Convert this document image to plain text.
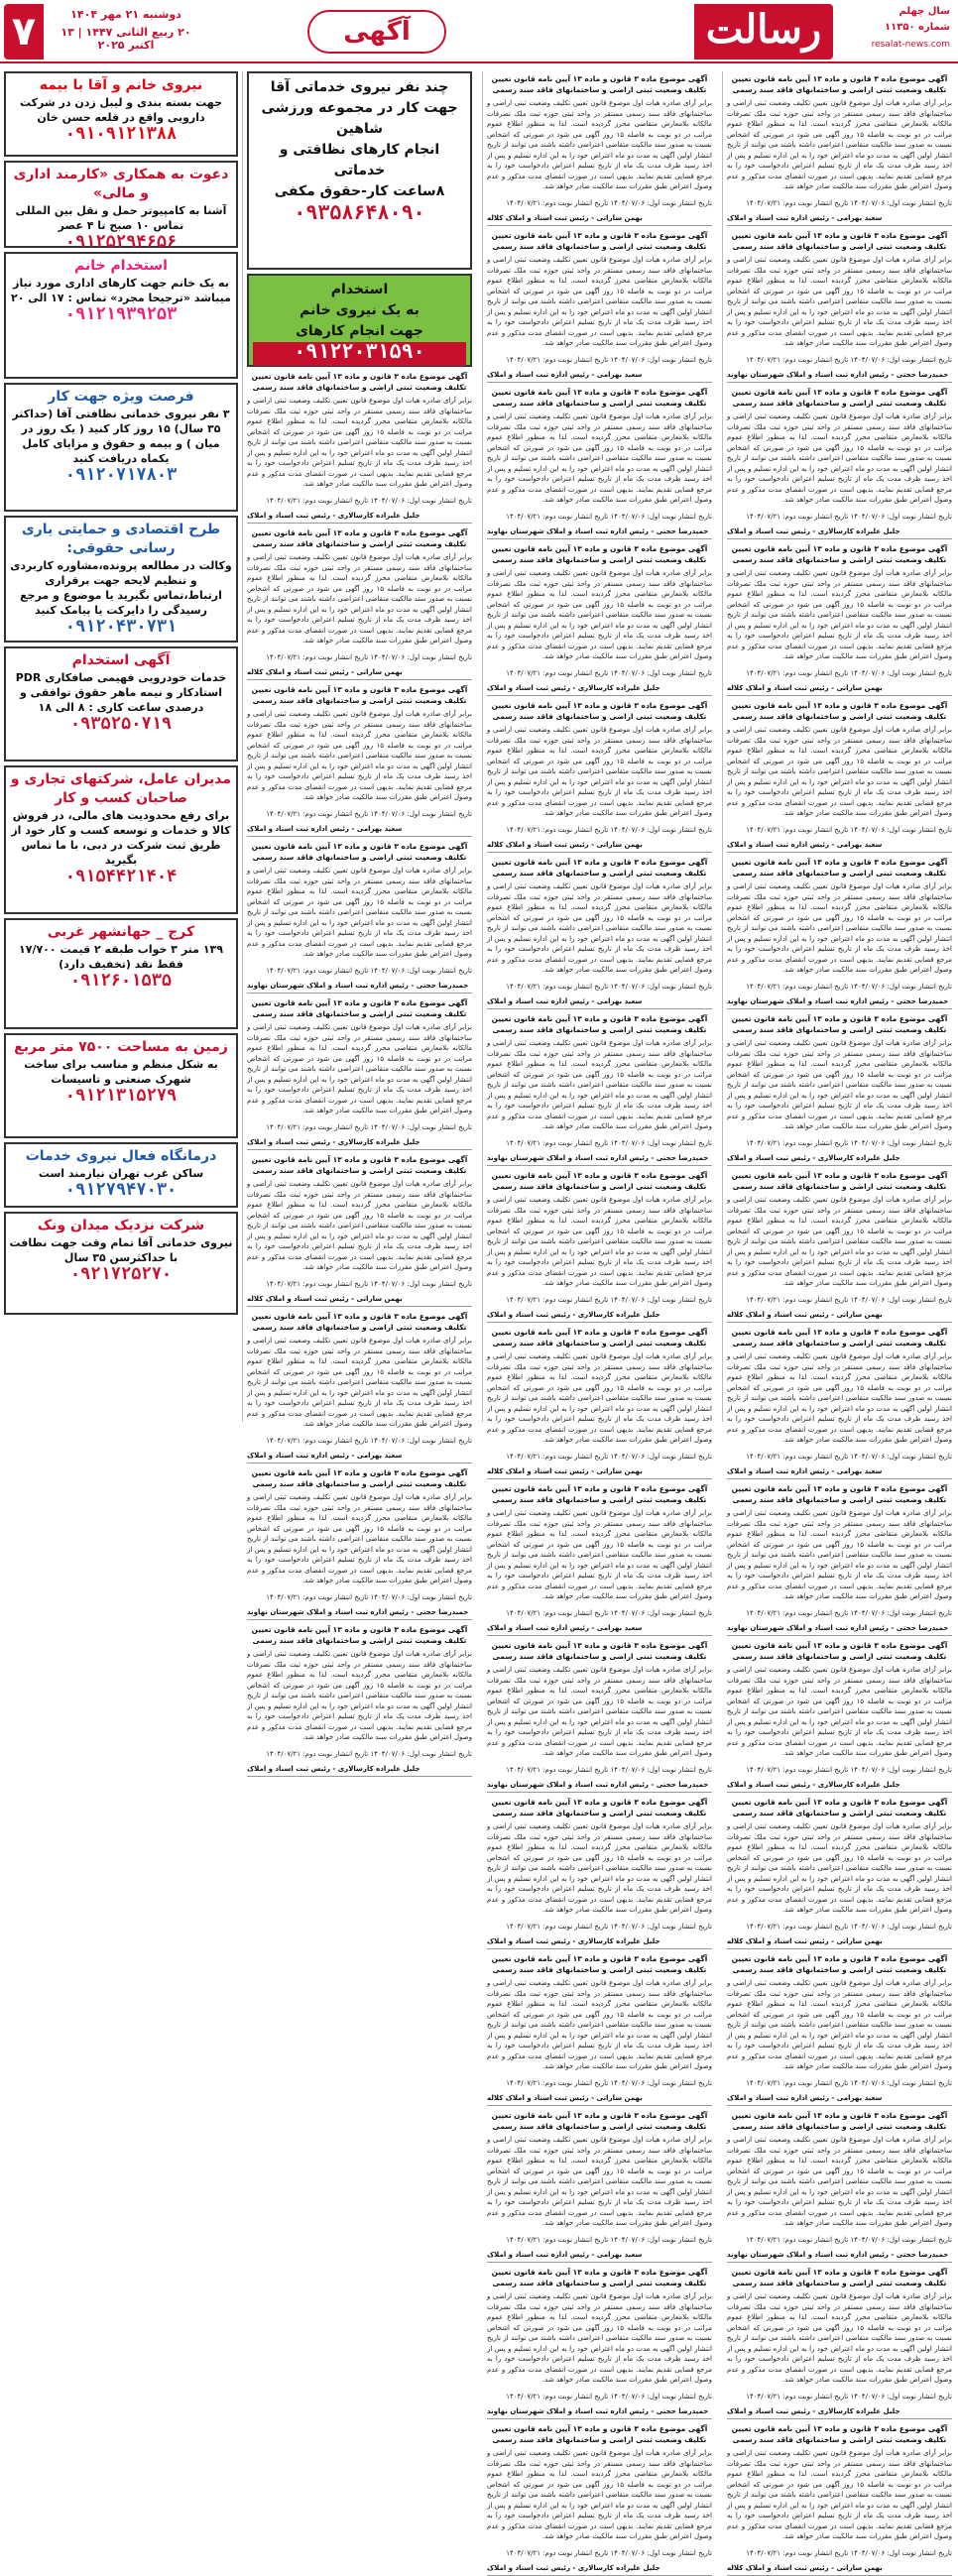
۷	دوشنبه ۲۱ مهر ۱۴۰۴
۲۰ ربیع الثانی ۱۴۴۷ | ۱۳ اکتبر ۲۰۲۵	آگهی	رسالت	سال چهلم
شماره ۱۱۳۵۰
resalat-news.com
نیروی خانم و آقا با بیمه
جهت بسته بندی و لیبل زدن در شرکت دارویی واقع در قلعه حسن خان
۰۹۱۰۹۱۲۱۳۸۸
دعوت به همکاری «کارمند اداری و مالی»
آشنا به کامپیوتر حمل و نقل بین المللی تماس ۱۰ صبح تا ۴ عصر
۰۹۱۲۵۲۹۴۶۵۶
استخدام خانم
به یک خانم جهت کارهای اداری مورد نیاز میباشد «ترجیحا مجرد» تماس : ۱۷ الی ۲۰
۰۹۱۲۱۹۳۹۲۵۳
فرصت ویژه جهت کار
۳ نفر نیروی خدماتی نظافتی آقا (حداکثر ۳۵ سال) ۱۵ روز کار کنید ( یک روز در میان ) و بیمه و حقوق و مزایای کامل یکماه دریافت کنید
۰۹۱۲۰۷۱۷۸۰۳
طرح اقتصادی و حمایتی یاری رسانی حقوقی:
وکالت در مطالعه پرونده،مشاوره کاربردی و تنظیم لایحه جهت برقراری ارتباط،تماس بگیرید یا موضوع و مرجع رسیدگی را دایرکت یا پیامک کنید
۰۹۱۲۰۴۳۰۷۳۱
آگهی استخدام
خدمات خودرویی فهیمی صافکاری PDR استادکار و نیمه ماهر حقوق توافقی و درصدی ساعت کاری : ۸ الی ۱۸
۰۹۳۵۲۵۰۷۱۹
مدیران عامل، شرکتهای تجاری و صاحبان کسب و کار
برای رفع محدودیت های مالی، در فروش کالا و خدمات و توسعه کسب و کار خود از طریق ثبت شرکت در دبی، با ما تماس بگیرید
۰۹۱۵۴۴۲۱۴۰۴
کرج _ جهانشهر غربی
۱۳۹ متر ۳ خواب طبقه ۲ قیمت ۱۷/۷۰۰ فقط نقد (تخفیف دارد)
۰۹۱۲۶۰۱۵۳۵
زمین به مساحت ۷۵۰۰ متر مربع
به شکل منظم و مناسب برای ساخت شهرک صنعتی و تاسیسات
۰۹۱۲۱۳۱۵۲۷۹
درمانگاه فعال نیروی خدمات
ساکن غرب تهران نیازمند است
۰۹۱۲۷۹۴۷۰۳۰
شرکت نزدیک میدان ونک
نیروی خدماتی آقا تمام وقت جهت نظافت با حداکثرسن ۳۵ سال
۰۹۲۱۷۲۵۲۷۰
چند نفر نیروی خدماتی آقا
جهت کار در مجموعه ورزشی شاهین
انجام کارهای نظافتی و خدماتی
۸ساعت کار-حقوق مکفی
۰۹۳۵۸۶۴۸۰۹۰
استخدام
به یک نیروی خانم
جهت انجام کارهای
۰۹۱۲۲۰۳۱۵۹۰
آگهی موضوع ماده ۳ قانون و ماده ۱۳ آیین نامه قانون تعیین تکلیف وضعیت ثبتی اراضی و ساختمانهای فاقد سند رسمی

برابر آرای صادره هیات اول موضوع قانون تعیین تکلیف وضعیت ثبتی اراضی و ساختمانهای فاقد سند رسمی مستقر در واحد ثبتی حوزه ثبت ملک تصرفات مالکانه بلامعارض متقاضی محرز گردیده است. لذا به منظور اطلاع عموم مراتب در دو نوبت به فاصله ۱۵ روز آگهی می شود در صورتی که اشخاص نسبت به صدور سند مالکیت متقاضی اعتراضی داشته باشند می توانند از تاریخ انتشار اولین آگهی به مدت دو ماه اعتراض خود را به این اداره تسلیم و پس از اخذ رسید ظرف مدت یک ماه از تاریخ تسلیم اعتراض دادخواست خود را به مرجع قضایی تقدیم نمایند. بدیهی است در صورت انقضای مدت مذکور و عدم وصول اعتراض طبق مقررات سند مالکیت صادر خواهد شد.

تاریخ انتشار نوبت اول: ۱۴۰۴/۰۷/۰۶ تاریخ انتشار نوبت دوم: ۱۴۰۴/۰۷/۲۱

جلیل علیزاده کارسالاری - رئیس ثبت اسناد و املاک
آگهی موضوع ماده ۳ قانون و ماده ۱۳ آیین نامه قانون تعیین تکلیف وضعیت ثبتی اراضی و ساختمانهای فاقد سند رسمی

برابر آرای صادره هیات اول موضوع قانون تعیین تکلیف وضعیت ثبتی اراضی و ساختمانهای فاقد سند رسمی مستقر در واحد ثبتی حوزه ثبت ملک تصرفات مالکانه بلامعارض متقاضی محرز گردیده است. لذا به منظور اطلاع عموم مراتب در دو نوبت به فاصله ۱۵ روز آگهی می شود در صورتی که اشخاص نسبت به صدور سند مالکیت متقاضی اعتراضی داشته باشند می توانند از تاریخ انتشار اولین آگهی به مدت دو ماه اعتراض خود را به این اداره تسلیم و پس از اخذ رسید ظرف مدت یک ماه از تاریخ تسلیم اعتراض دادخواست خود را به مرجع قضایی تقدیم نمایند. بدیهی است در صورت انقضای مدت مذکور و عدم وصول اعتراض طبق مقررات سند مالکیت صادر خواهد شد.

تاریخ انتشار نوبت اول: ۱۴۰۴/۰۷/۰۶ تاریخ انتشار نوبت دوم: ۱۴۰۴/۰۷/۲۱

بهمن ساراتی - رئیس ثبت اسناد و املاک کلاله
آگهی موضوع ماده ۳ قانون و ماده ۱۳ آیین نامه قانون تعیین تکلیف وضعیت ثبتی اراضی و ساختمانهای فاقد سند رسمی

برابر آرای صادره هیات اول موضوع قانون تعیین تکلیف وضعیت ثبتی اراضی و ساختمانهای فاقد سند رسمی مستقر در واحد ثبتی حوزه ثبت ملک تصرفات مالکانه بلامعارض متقاضی محرز گردیده است. لذا به منظور اطلاع عموم مراتب در دو نوبت به فاصله ۱۵ روز آگهی می شود در صورتی که اشخاص نسبت به صدور سند مالکیت متقاضی اعتراضی داشته باشند می توانند از تاریخ انتشار اولین آگهی به مدت دو ماه اعتراض خود را به این اداره تسلیم و پس از اخذ رسید ظرف مدت یک ماه از تاریخ تسلیم اعتراض دادخواست خود را به مرجع قضایی تقدیم نمایند. بدیهی است در صورت انقضای مدت مذکور و عدم وصول اعتراض طبق مقررات سند مالکیت صادر خواهد شد.

تاریخ انتشار نوبت اول: ۱۴۰۴/۰۷/۰۶ تاریخ انتشار نوبت دوم: ۱۴۰۴/۰۷/۲۱

سعید بهرامی - رئیس اداره ثبت اسناد و املاک
آگهی موضوع ماده ۳ قانون و ماده ۱۳ آیین نامه قانون تعیین تکلیف وضعیت ثبتی اراضی و ساختمانهای فاقد سند رسمی

برابر آرای صادره هیات اول موضوع قانون تعیین تکلیف وضعیت ثبتی اراضی و ساختمانهای فاقد سند رسمی مستقر در واحد ثبتی حوزه ثبت ملک تصرفات مالکانه بلامعارض متقاضی محرز گردیده است. لذا به منظور اطلاع عموم مراتب در دو نوبت به فاصله ۱۵ روز آگهی می شود در صورتی که اشخاص نسبت به صدور سند مالکیت متقاضی اعتراضی داشته باشند می توانند از تاریخ انتشار اولین آگهی به مدت دو ماه اعتراض خود را به این اداره تسلیم و پس از اخذ رسید ظرف مدت یک ماه از تاریخ تسلیم اعتراض دادخواست خود را به مرجع قضایی تقدیم نمایند. بدیهی است در صورت انقضای مدت مذکور و عدم وصول اعتراض طبق مقررات سند مالکیت صادر خواهد شد.

تاریخ انتشار نوبت اول: ۱۴۰۴/۰۷/۰۶ تاریخ انتشار نوبت دوم: ۱۴۰۴/۰۷/۲۱

حمیدرضا حجتی - رئیس اداره ثبت اسناد و املاک شهرستان نهاوند
آگهی موضوع ماده ۳ قانون و ماده ۱۳ آیین نامه قانون تعیین تکلیف وضعیت ثبتی اراضی و ساختمانهای فاقد سند رسمی

برابر آرای صادره هیات اول موضوع قانون تعیین تکلیف وضعیت ثبتی اراضی و ساختمانهای فاقد سند رسمی مستقر در واحد ثبتی حوزه ثبت ملک تصرفات مالکانه بلامعارض متقاضی محرز گردیده است. لذا به منظور اطلاع عموم مراتب در دو نوبت به فاصله ۱۵ روز آگهی می شود در صورتی که اشخاص نسبت به صدور سند مالکیت متقاضی اعتراضی داشته باشند می توانند از تاریخ انتشار اولین آگهی به مدت دو ماه اعتراض خود را به این اداره تسلیم و پس از اخذ رسید ظرف مدت یک ماه از تاریخ تسلیم اعتراض دادخواست خود را به مرجع قضایی تقدیم نمایند. بدیهی است در صورت انقضای مدت مذکور و عدم وصول اعتراض طبق مقررات سند مالکیت صادر خواهد شد.

تاریخ انتشار نوبت اول: ۱۴۰۴/۰۷/۰۶ تاریخ انتشار نوبت دوم: ۱۴۰۴/۰۷/۲۱

جلیل علیزاده کارسالاری - رئیس ثبت اسناد و املاک
آگهی موضوع ماده ۳ قانون و ماده ۱۳ آیین نامه قانون تعیین تکلیف وضعیت ثبتی اراضی و ساختمانهای فاقد سند رسمی

برابر آرای صادره هیات اول موضوع قانون تعیین تکلیف وضعیت ثبتی اراضی و ساختمانهای فاقد سند رسمی مستقر در واحد ثبتی حوزه ثبت ملک تصرفات مالکانه بلامعارض متقاضی محرز گردیده است. لذا به منظور اطلاع عموم مراتب در دو نوبت به فاصله ۱۵ روز آگهی می شود در صورتی که اشخاص نسبت به صدور سند مالکیت متقاضی اعتراضی داشته باشند می توانند از تاریخ انتشار اولین آگهی به مدت دو ماه اعتراض خود را به این اداره تسلیم و پس از اخذ رسید ظرف مدت یک ماه از تاریخ تسلیم اعتراض دادخواست خود را به مرجع قضایی تقدیم نمایند. بدیهی است در صورت انقضای مدت مذکور و عدم وصول اعتراض طبق مقررات سند مالکیت صادر خواهد شد.

تاریخ انتشار نوبت اول: ۱۴۰۴/۰۷/۰۶ تاریخ انتشار نوبت دوم: ۱۴۰۴/۰۷/۲۱

بهمن ساراتی - رئیس ثبت اسناد و املاک کلاله
آگهی موضوع ماده ۳ قانون و ماده ۱۳ آیین نامه قانون تعیین تکلیف وضعیت ثبتی اراضی و ساختمانهای فاقد سند رسمی

برابر آرای صادره هیات اول موضوع قانون تعیین تکلیف وضعیت ثبتی اراضی و ساختمانهای فاقد سند رسمی مستقر در واحد ثبتی حوزه ثبت ملک تصرفات مالکانه بلامعارض متقاضی محرز گردیده است. لذا به منظور اطلاع عموم مراتب در دو نوبت به فاصله ۱۵ روز آگهی می شود در صورتی که اشخاص نسبت به صدور سند مالکیت متقاضی اعتراضی داشته باشند می توانند از تاریخ انتشار اولین آگهی به مدت دو ماه اعتراض خود را به این اداره تسلیم و پس از اخذ رسید ظرف مدت یک ماه از تاریخ تسلیم اعتراض دادخواست خود را به مرجع قضایی تقدیم نمایند. بدیهی است در صورت انقضای مدت مذکور و عدم وصول اعتراض طبق مقررات سند مالکیت صادر خواهد شد.

تاریخ انتشار نوبت اول: ۱۴۰۴/۰۷/۰۶ تاریخ انتشار نوبت دوم: ۱۴۰۴/۰۷/۲۱

سعید بهرامی - رئیس اداره ثبت اسناد و املاک
آگهی موضوع ماده ۳ قانون و ماده ۱۳ آیین نامه قانون تعیین تکلیف وضعیت ثبتی اراضی و ساختمانهای فاقد سند رسمی

برابر آرای صادره هیات اول موضوع قانون تعیین تکلیف وضعیت ثبتی اراضی و ساختمانهای فاقد سند رسمی مستقر در واحد ثبتی حوزه ثبت ملک تصرفات مالکانه بلامعارض متقاضی محرز گردیده است. لذا به منظور اطلاع عموم مراتب در دو نوبت به فاصله ۱۵ روز آگهی می شود در صورتی که اشخاص نسبت به صدور سند مالکیت متقاضی اعتراضی داشته باشند می توانند از تاریخ انتشار اولین آگهی به مدت دو ماه اعتراض خود را به این اداره تسلیم و پس از اخذ رسید ظرف مدت یک ماه از تاریخ تسلیم اعتراض دادخواست خود را به مرجع قضایی تقدیم نمایند. بدیهی است در صورت انقضای مدت مذکور و عدم وصول اعتراض طبق مقررات سند مالکیت صادر خواهد شد.

تاریخ انتشار نوبت اول: ۱۴۰۴/۰۷/۰۶ تاریخ انتشار نوبت دوم: ۱۴۰۴/۰۷/۲۱

حمیدرضا حجتی - رئیس اداره ثبت اسناد و املاک شهرستان نهاوند
آگهی موضوع ماده ۳ قانون و ماده ۱۳ آیین نامه قانون تعیین تکلیف وضعیت ثبتی اراضی و ساختمانهای فاقد سند رسمی

برابر آرای صادره هیات اول موضوع قانون تعیین تکلیف وضعیت ثبتی اراضی و ساختمانهای فاقد سند رسمی مستقر در واحد ثبتی حوزه ثبت ملک تصرفات مالکانه بلامعارض متقاضی محرز گردیده است. لذا به منظور اطلاع عموم مراتب در دو نوبت به فاصله ۱۵ روز آگهی می شود در صورتی که اشخاص نسبت به صدور سند مالکیت متقاضی اعتراضی داشته باشند می توانند از تاریخ انتشار اولین آگهی به مدت دو ماه اعتراض خود را به این اداره تسلیم و پس از اخذ رسید ظرف مدت یک ماه از تاریخ تسلیم اعتراض دادخواست خود را به مرجع قضایی تقدیم نمایند. بدیهی است در صورت انقضای مدت مذکور و عدم وصول اعتراض طبق مقررات سند مالکیت صادر خواهد شد.

تاریخ انتشار نوبت اول: ۱۴۰۴/۰۷/۰۶ تاریخ انتشار نوبت دوم: ۱۴۰۴/۰۷/۲۱

جلیل علیزاده کارسالاری - رئیس ثبت اسناد و املاک
آگهی موضوع ماده ۳ قانون و ماده ۱۳ آیین نامه قانون تعیین تکلیف وضعیت ثبتی اراضی و ساختمانهای فاقد سند رسمی

برابر آرای صادره هیات اول موضوع قانون تعیین تکلیف وضعیت ثبتی اراضی و ساختمانهای فاقد سند رسمی مستقر در واحد ثبتی حوزه ثبت ملک تصرفات مالکانه بلامعارض متقاضی محرز گردیده است. لذا به منظور اطلاع عموم مراتب در دو نوبت به فاصله ۱۵ روز آگهی می شود در صورتی که اشخاص نسبت به صدور سند مالکیت متقاضی اعتراضی داشته باشند می توانند از تاریخ انتشار اولین آگهی به مدت دو ماه اعتراض خود را به این اداره تسلیم و پس از اخذ رسید ظرف مدت یک ماه از تاریخ تسلیم اعتراض دادخواست خود را به مرجع قضایی تقدیم نمایند. بدیهی است در صورت انقضای مدت مذکور و عدم وصول اعتراض طبق مقررات سند مالکیت صادر خواهد شد.

تاریخ انتشار نوبت اول: ۱۴۰۴/۰۷/۰۶ تاریخ انتشار نوبت دوم: ۱۴۰۴/۰۷/۲۱

بهمن ساراتی - رئیس ثبت اسناد و املاک کلاله
آگهی موضوع ماده ۳ قانون و ماده ۱۳ آیین نامه قانون تعیین تکلیف وضعیت ثبتی اراضی و ساختمانهای فاقد سند رسمی

برابر آرای صادره هیات اول موضوع قانون تعیین تکلیف وضعیت ثبتی اراضی و ساختمانهای فاقد سند رسمی مستقر در واحد ثبتی حوزه ثبت ملک تصرفات مالکانه بلامعارض متقاضی محرز گردیده است. لذا به منظور اطلاع عموم مراتب در دو نوبت به فاصله ۱۵ روز آگهی می شود در صورتی که اشخاص نسبت به صدور سند مالکیت متقاضی اعتراضی داشته باشند می توانند از تاریخ انتشار اولین آگهی به مدت دو ماه اعتراض خود را به این اداره تسلیم و پس از اخذ رسید ظرف مدت یک ماه از تاریخ تسلیم اعتراض دادخواست خود را به مرجع قضایی تقدیم نمایند. بدیهی است در صورت انقضای مدت مذکور و عدم وصول اعتراض طبق مقررات سند مالکیت صادر خواهد شد.

تاریخ انتشار نوبت اول: ۱۴۰۴/۰۷/۰۶ تاریخ انتشار نوبت دوم: ۱۴۰۴/۰۷/۲۱

سعید بهرامی - رئیس اداره ثبت اسناد و املاک
آگهی موضوع ماده ۳ قانون و ماده ۱۳ آیین نامه قانون تعیین تکلیف وضعیت ثبتی اراضی و ساختمانهای فاقد سند رسمی

برابر آرای صادره هیات اول موضوع قانون تعیین تکلیف وضعیت ثبتی اراضی و ساختمانهای فاقد سند رسمی مستقر در واحد ثبتی حوزه ثبت ملک تصرفات مالکانه بلامعارض متقاضی محرز گردیده است. لذا به منظور اطلاع عموم مراتب در دو نوبت به فاصله ۱۵ روز آگهی می شود در صورتی که اشخاص نسبت به صدور سند مالکیت متقاضی اعتراضی داشته باشند می توانند از تاریخ انتشار اولین آگهی به مدت دو ماه اعتراض خود را به این اداره تسلیم و پس از اخذ رسید ظرف مدت یک ماه از تاریخ تسلیم اعتراض دادخواست خود را به مرجع قضایی تقدیم نمایند. بدیهی است در صورت انقضای مدت مذکور و عدم وصول اعتراض طبق مقررات سند مالکیت صادر خواهد شد.

تاریخ انتشار نوبت اول: ۱۴۰۴/۰۷/۰۶ تاریخ انتشار نوبت دوم: ۱۴۰۴/۰۷/۲۱

حمیدرضا حجتی - رئیس اداره ثبت اسناد و املاک شهرستان نهاوند
آگهی موضوع ماده ۳ قانون و ماده ۱۳ آیین نامه قانون تعیین تکلیف وضعیت ثبتی اراضی و ساختمانهای فاقد سند رسمی

برابر آرای صادره هیات اول موضوع قانون تعیین تکلیف وضعیت ثبتی اراضی و ساختمانهای فاقد سند رسمی مستقر در واحد ثبتی حوزه ثبت ملک تصرفات مالکانه بلامعارض متقاضی محرز گردیده است. لذا به منظور اطلاع عموم مراتب در دو نوبت به فاصله ۱۵ روز آگهی می شود در صورتی که اشخاص نسبت به صدور سند مالکیت متقاضی اعتراضی داشته باشند می توانند از تاریخ انتشار اولین آگهی به مدت دو ماه اعتراض خود را به این اداره تسلیم و پس از اخذ رسید ظرف مدت یک ماه از تاریخ تسلیم اعتراض دادخواست خود را به مرجع قضایی تقدیم نمایند. بدیهی است در صورت انقضای مدت مذکور و عدم وصول اعتراض طبق مقررات سند مالکیت صادر خواهد شد.

تاریخ انتشار نوبت اول: ۱۴۰۴/۰۷/۰۶ تاریخ انتشار نوبت دوم: ۱۴۰۴/۰۷/۲۱

جلیل علیزاده کارسالاری - رئیس ثبت اسناد و املاک
آگهی موضوع ماده ۳ قانون و ماده ۱۳ آیین نامه قانون تعیین تکلیف وضعیت ثبتی اراضی و ساختمانهای فاقد سند رسمی

برابر آرای صادره هیات اول موضوع قانون تعیین تکلیف وضعیت ثبتی اراضی و ساختمانهای فاقد سند رسمی مستقر در واحد ثبتی حوزه ثبت ملک تصرفات مالکانه بلامعارض متقاضی محرز گردیده است. لذا به منظور اطلاع عموم مراتب در دو نوبت به فاصله ۱۵ روز آگهی می شود در صورتی که اشخاص نسبت به صدور سند مالکیت متقاضی اعتراضی داشته باشند می توانند از تاریخ انتشار اولین آگهی به مدت دو ماه اعتراض خود را به این اداره تسلیم و پس از اخذ رسید ظرف مدت یک ماه از تاریخ تسلیم اعتراض دادخواست خود را به مرجع قضایی تقدیم نمایند. بدیهی است در صورت انقضای مدت مذکور و عدم وصول اعتراض طبق مقررات سند مالکیت صادر خواهد شد.

تاریخ انتشار نوبت اول: ۱۴۰۴/۰۷/۰۶ تاریخ انتشار نوبت دوم: ۱۴۰۴/۰۷/۲۱

بهمن ساراتی - رئیس ثبت اسناد و املاک کلاله
آگهی موضوع ماده ۳ قانون و ماده ۱۳ آیین نامه قانون تعیین تکلیف وضعیت ثبتی اراضی و ساختمانهای فاقد سند رسمی

برابر آرای صادره هیات اول موضوع قانون تعیین تکلیف وضعیت ثبتی اراضی و ساختمانهای فاقد سند رسمی مستقر در واحد ثبتی حوزه ثبت ملک تصرفات مالکانه بلامعارض متقاضی محرز گردیده است. لذا به منظور اطلاع عموم مراتب در دو نوبت به فاصله ۱۵ روز آگهی می شود در صورتی که اشخاص نسبت به صدور سند مالکیت متقاضی اعتراضی داشته باشند می توانند از تاریخ انتشار اولین آگهی به مدت دو ماه اعتراض خود را به این اداره تسلیم و پس از اخذ رسید ظرف مدت یک ماه از تاریخ تسلیم اعتراض دادخواست خود را به مرجع قضایی تقدیم نمایند. بدیهی است در صورت انقضای مدت مذکور و عدم وصول اعتراض طبق مقررات سند مالکیت صادر خواهد شد.

تاریخ انتشار نوبت اول: ۱۴۰۴/۰۷/۰۶ تاریخ انتشار نوبت دوم: ۱۴۰۴/۰۷/۲۱

سعید بهرامی - رئیس اداره ثبت اسناد و املاک
آگهی موضوع ماده ۳ قانون و ماده ۱۳ آیین نامه قانون تعیین تکلیف وضعیت ثبتی اراضی و ساختمانهای فاقد سند رسمی

برابر آرای صادره هیات اول موضوع قانون تعیین تکلیف وضعیت ثبتی اراضی و ساختمانهای فاقد سند رسمی مستقر در واحد ثبتی حوزه ثبت ملک تصرفات مالکانه بلامعارض متقاضی محرز گردیده است. لذا به منظور اطلاع عموم مراتب در دو نوبت به فاصله ۱۵ روز آگهی می شود در صورتی که اشخاص نسبت به صدور سند مالکیت متقاضی اعتراضی داشته باشند می توانند از تاریخ انتشار اولین آگهی به مدت دو ماه اعتراض خود را به این اداره تسلیم و پس از اخذ رسید ظرف مدت یک ماه از تاریخ تسلیم اعتراض دادخواست خود را به مرجع قضایی تقدیم نمایند. بدیهی است در صورت انقضای مدت مذکور و عدم وصول اعتراض طبق مقررات سند مالکیت صادر خواهد شد.

تاریخ انتشار نوبت اول: ۱۴۰۴/۰۷/۰۶ تاریخ انتشار نوبت دوم: ۱۴۰۴/۰۷/۲۱

حمیدرضا حجتی - رئیس اداره ثبت اسناد و املاک شهرستان نهاوند
آگهی موضوع ماده ۳ قانون و ماده ۱۳ آیین نامه قانون تعیین تکلیف وضعیت ثبتی اراضی و ساختمانهای فاقد سند رسمی

برابر آرای صادره هیات اول موضوع قانون تعیین تکلیف وضعیت ثبتی اراضی و ساختمانهای فاقد سند رسمی مستقر در واحد ثبتی حوزه ثبت ملک تصرفات مالکانه بلامعارض متقاضی محرز گردیده است. لذا به منظور اطلاع عموم مراتب در دو نوبت به فاصله ۱۵ روز آگهی می شود در صورتی که اشخاص نسبت به صدور سند مالکیت متقاضی اعتراضی داشته باشند می توانند از تاریخ انتشار اولین آگهی به مدت دو ماه اعتراض خود را به این اداره تسلیم و پس از اخذ رسید ظرف مدت یک ماه از تاریخ تسلیم اعتراض دادخواست خود را به مرجع قضایی تقدیم نمایند. بدیهی است در صورت انقضای مدت مذکور و عدم وصول اعتراض طبق مقررات سند مالکیت صادر خواهد شد.

تاریخ انتشار نوبت اول: ۱۴۰۴/۰۷/۰۶ تاریخ انتشار نوبت دوم: ۱۴۰۴/۰۷/۲۱

جلیل علیزاده کارسالاری - رئیس ثبت اسناد و املاک
آگهی موضوع ماده ۳ قانون و ماده ۱۳ آیین نامه قانون تعیین تکلیف وضعیت ثبتی اراضی و ساختمانهای فاقد سند رسمی

برابر آرای صادره هیات اول موضوع قانون تعیین تکلیف وضعیت ثبتی اراضی و ساختمانهای فاقد سند رسمی مستقر در واحد ثبتی حوزه ثبت ملک تصرفات مالکانه بلامعارض متقاضی محرز گردیده است. لذا به منظور اطلاع عموم مراتب در دو نوبت به فاصله ۱۵ روز آگهی می شود در صورتی که اشخاص نسبت به صدور سند مالکیت متقاضی اعتراضی داشته باشند می توانند از تاریخ انتشار اولین آگهی به مدت دو ماه اعتراض خود را به این اداره تسلیم و پس از اخذ رسید ظرف مدت یک ماه از تاریخ تسلیم اعتراض دادخواست خود را به مرجع قضایی تقدیم نمایند. بدیهی است در صورت انقضای مدت مذکور و عدم وصول اعتراض طبق مقررات سند مالکیت صادر خواهد شد.

تاریخ انتشار نوبت اول: ۱۴۰۴/۰۷/۰۶ تاریخ انتشار نوبت دوم: ۱۴۰۴/۰۷/۲۱

بهمن ساراتی - رئیس ثبت اسناد و املاک کلاله
آگهی موضوع ماده ۳ قانون و ماده ۱۳ آیین نامه قانون تعیین تکلیف وضعیت ثبتی اراضی و ساختمانهای فاقد سند رسمی

برابر آرای صادره هیات اول موضوع قانون تعیین تکلیف وضعیت ثبتی اراضی و ساختمانهای فاقد سند رسمی مستقر در واحد ثبتی حوزه ثبت ملک تصرفات مالکانه بلامعارض متقاضی محرز گردیده است. لذا به منظور اطلاع عموم مراتب در دو نوبت به فاصله ۱۵ روز آگهی می شود در صورتی که اشخاص نسبت به صدور سند مالکیت متقاضی اعتراضی داشته باشند می توانند از تاریخ انتشار اولین آگهی به مدت دو ماه اعتراض خود را به این اداره تسلیم و پس از اخذ رسید ظرف مدت یک ماه از تاریخ تسلیم اعتراض دادخواست خود را به مرجع قضایی تقدیم نمایند. بدیهی است در صورت انقضای مدت مذکور و عدم وصول اعتراض طبق مقررات سند مالکیت صادر خواهد شد.

تاریخ انتشار نوبت اول: ۱۴۰۴/۰۷/۰۶ تاریخ انتشار نوبت دوم: ۱۴۰۴/۰۷/۲۱

سعید بهرامی - رئیس اداره ثبت اسناد و املاک
آگهی موضوع ماده ۳ قانون و ماده ۱۳ آیین نامه قانون تعیین تکلیف وضعیت ثبتی اراضی و ساختمانهای فاقد سند رسمی

برابر آرای صادره هیات اول موضوع قانون تعیین تکلیف وضعیت ثبتی اراضی و ساختمانهای فاقد سند رسمی مستقر در واحد ثبتی حوزه ثبت ملک تصرفات مالکانه بلامعارض متقاضی محرز گردیده است. لذا به منظور اطلاع عموم مراتب در دو نوبت به فاصله ۱۵ روز آگهی می شود در صورتی که اشخاص نسبت به صدور سند مالکیت متقاضی اعتراضی داشته باشند می توانند از تاریخ انتشار اولین آگهی به مدت دو ماه اعتراض خود را به این اداره تسلیم و پس از اخذ رسید ظرف مدت یک ماه از تاریخ تسلیم اعتراض دادخواست خود را به مرجع قضایی تقدیم نمایند. بدیهی است در صورت انقضای مدت مذکور و عدم وصول اعتراض طبق مقررات سند مالکیت صادر خواهد شد.

تاریخ انتشار نوبت اول: ۱۴۰۴/۰۷/۰۶ تاریخ انتشار نوبت دوم: ۱۴۰۴/۰۷/۲۱

حمیدرضا حجتی - رئیس اداره ثبت اسناد و املاک شهرستان نهاوند
آگهی موضوع ماده ۳ قانون و ماده ۱۳ آیین نامه قانون تعیین تکلیف وضعیت ثبتی اراضی و ساختمانهای فاقد سند رسمی

برابر آرای صادره هیات اول موضوع قانون تعیین تکلیف وضعیت ثبتی اراضی و ساختمانهای فاقد سند رسمی مستقر در واحد ثبتی حوزه ثبت ملک تصرفات مالکانه بلامعارض متقاضی محرز گردیده است. لذا به منظور اطلاع عموم مراتب در دو نوبت به فاصله ۱۵ روز آگهی می شود در صورتی که اشخاص نسبت به صدور سند مالکیت متقاضی اعتراضی داشته باشند می توانند از تاریخ انتشار اولین آگهی به مدت دو ماه اعتراض خود را به این اداره تسلیم و پس از اخذ رسید ظرف مدت یک ماه از تاریخ تسلیم اعتراض دادخواست خود را به مرجع قضایی تقدیم نمایند. بدیهی است در صورت انقضای مدت مذکور و عدم وصول اعتراض طبق مقررات سند مالکیت صادر خواهد شد.

تاریخ انتشار نوبت اول: ۱۴۰۴/۰۷/۰۶ تاریخ انتشار نوبت دوم: ۱۴۰۴/۰۷/۲۱

جلیل علیزاده کارسالاری - رئیس ثبت اسناد و املاک
آگهی موضوع ماده ۳ قانون و ماده ۱۳ آیین نامه قانون تعیین تکلیف وضعیت ثبتی اراضی و ساختمانهای فاقد سند رسمی

برابر آرای صادره هیات اول موضوع قانون تعیین تکلیف وضعیت ثبتی اراضی و ساختمانهای فاقد سند رسمی مستقر در واحد ثبتی حوزه ثبت ملک تصرفات مالکانه بلامعارض متقاضی محرز گردیده است. لذا به منظور اطلاع عموم مراتب در دو نوبت به فاصله ۱۵ روز آگهی می شود در صورتی که اشخاص نسبت به صدور سند مالکیت متقاضی اعتراضی داشته باشند می توانند از تاریخ انتشار اولین آگهی به مدت دو ماه اعتراض خود را به این اداره تسلیم و پس از اخذ رسید ظرف مدت یک ماه از تاریخ تسلیم اعتراض دادخواست خود را به مرجع قضایی تقدیم نمایند. بدیهی است در صورت انقضای مدت مذکور و عدم وصول اعتراض طبق مقررات سند مالکیت صادر خواهد شد.

تاریخ انتشار نوبت اول: ۱۴۰۴/۰۷/۰۶ تاریخ انتشار نوبت دوم: ۱۴۰۴/۰۷/۲۱

بهمن ساراتی - رئیس ثبت اسناد و املاک کلاله
آگهی موضوع ماده ۳ قانون و ماده ۱۳ آیین نامه قانون تعیین تکلیف وضعیت ثبتی اراضی و ساختمانهای فاقد سند رسمی

برابر آرای صادره هیات اول موضوع قانون تعیین تکلیف وضعیت ثبتی اراضی و ساختمانهای فاقد سند رسمی مستقر در واحد ثبتی حوزه ثبت ملک تصرفات مالکانه بلامعارض متقاضی محرز گردیده است. لذا به منظور اطلاع عموم مراتب در دو نوبت به فاصله ۱۵ روز آگهی می شود در صورتی که اشخاص نسبت به صدور سند مالکیت متقاضی اعتراضی داشته باشند می توانند از تاریخ انتشار اولین آگهی به مدت دو ماه اعتراض خود را به این اداره تسلیم و پس از اخذ رسید ظرف مدت یک ماه از تاریخ تسلیم اعتراض دادخواست خود را به مرجع قضایی تقدیم نمایند. بدیهی است در صورت انقضای مدت مذکور و عدم وصول اعتراض طبق مقررات سند مالکیت صادر خواهد شد.

تاریخ انتشار نوبت اول: ۱۴۰۴/۰۷/۰۶ تاریخ انتشار نوبت دوم: ۱۴۰۴/۰۷/۲۱

سعید بهرامی - رئیس اداره ثبت اسناد و املاک
آگهی موضوع ماده ۳ قانون و ماده ۱۳ آیین نامه قانون تعیین تکلیف وضعیت ثبتی اراضی و ساختمانهای فاقد سند رسمی

برابر آرای صادره هیات اول موضوع قانون تعیین تکلیف وضعیت ثبتی اراضی و ساختمانهای فاقد سند رسمی مستقر در واحد ثبتی حوزه ثبت ملک تصرفات مالکانه بلامعارض متقاضی محرز گردیده است. لذا به منظور اطلاع عموم مراتب در دو نوبت به فاصله ۱۵ روز آگهی می شود در صورتی که اشخاص نسبت به صدور سند مالکیت متقاضی اعتراضی داشته باشند می توانند از تاریخ انتشار اولین آگهی به مدت دو ماه اعتراض خود را به این اداره تسلیم و پس از اخذ رسید ظرف مدت یک ماه از تاریخ تسلیم اعتراض دادخواست خود را به مرجع قضایی تقدیم نمایند. بدیهی است در صورت انقضای مدت مذکور و عدم وصول اعتراض طبق مقررات سند مالکیت صادر خواهد شد.

تاریخ انتشار نوبت اول: ۱۴۰۴/۰۷/۰۶ تاریخ انتشار نوبت دوم: ۱۴۰۴/۰۷/۲۱

حمیدرضا حجتی - رئیس اداره ثبت اسناد و املاک شهرستان نهاوند
آگهی موضوع ماده ۳ قانون و ماده ۱۳ آیین نامه قانون تعیین تکلیف وضعیت ثبتی اراضی و ساختمانهای فاقد سند رسمی

برابر آرای صادره هیات اول موضوع قانون تعیین تکلیف وضعیت ثبتی اراضی و ساختمانهای فاقد سند رسمی مستقر در واحد ثبتی حوزه ثبت ملک تصرفات مالکانه بلامعارض متقاضی محرز گردیده است. لذا به منظور اطلاع عموم مراتب در دو نوبت به فاصله ۱۵ روز آگهی می شود در صورتی که اشخاص نسبت به صدور سند مالکیت متقاضی اعتراضی داشته باشند می توانند از تاریخ انتشار اولین آگهی به مدت دو ماه اعتراض خود را به این اداره تسلیم و پس از اخذ رسید ظرف مدت یک ماه از تاریخ تسلیم اعتراض دادخواست خود را به مرجع قضایی تقدیم نمایند. بدیهی است در صورت انقضای مدت مذکور و عدم وصول اعتراض طبق مقررات سند مالکیت صادر خواهد شد.

تاریخ انتشار نوبت اول: ۱۴۰۴/۰۷/۰۶ تاریخ انتشار نوبت دوم: ۱۴۰۴/۰۷/۲۱

جلیل علیزاده کارسالاری - رئیس ثبت اسناد و املاک
آگهی موضوع ماده ۳ قانون و ماده ۱۳ آیین نامه قانون تعیین تکلیف وضعیت ثبتی اراضی و ساختمانهای فاقد سند رسمی

برابر آرای صادره هیات اول موضوع قانون تعیین تکلیف وضعیت ثبتی اراضی و ساختمانهای فاقد سند رسمی مستقر در واحد ثبتی حوزه ثبت ملک تصرفات مالکانه بلامعارض متقاضی محرز گردیده است. لذا به منظور اطلاع عموم مراتب در دو نوبت به فاصله ۱۵ روز آگهی می شود در صورتی که اشخاص نسبت به صدور سند مالکیت متقاضی اعتراضی داشته باشند می توانند از تاریخ انتشار اولین آگهی به مدت دو ماه اعتراض خود را به این اداره تسلیم و پس از اخذ رسید ظرف مدت یک ماه از تاریخ تسلیم اعتراض دادخواست خود را به مرجع قضایی تقدیم نمایند. بدیهی است در صورت انقضای مدت مذکور و عدم وصول اعتراض طبق مقررات سند مالکیت صادر خواهد شد.

تاریخ انتشار نوبت اول: ۱۴۰۴/۰۷/۰۶ تاریخ انتشار نوبت دوم: ۱۴۰۴/۰۷/۲۱

سعید بهرامی - رئیس اداره ثبت اسناد و املاک
آگهی موضوع ماده ۳ قانون و ماده ۱۳ آیین نامه قانون تعیین تکلیف وضعیت ثبتی اراضی و ساختمانهای فاقد سند رسمی

برابر آرای صادره هیات اول موضوع قانون تعیین تکلیف وضعیت ثبتی اراضی و ساختمانهای فاقد سند رسمی مستقر در واحد ثبتی حوزه ثبت ملک تصرفات مالکانه بلامعارض متقاضی محرز گردیده است. لذا به منظور اطلاع عموم مراتب در دو نوبت به فاصله ۱۵ روز آگهی می شود در صورتی که اشخاص نسبت به صدور سند مالکیت متقاضی اعتراضی داشته باشند می توانند از تاریخ انتشار اولین آگهی به مدت دو ماه اعتراض خود را به این اداره تسلیم و پس از اخذ رسید ظرف مدت یک ماه از تاریخ تسلیم اعتراض دادخواست خود را به مرجع قضایی تقدیم نمایند. بدیهی است در صورت انقضای مدت مذکور و عدم وصول اعتراض طبق مقررات سند مالکیت صادر خواهد شد.

تاریخ انتشار نوبت اول: ۱۴۰۴/۰۷/۰۶ تاریخ انتشار نوبت دوم: ۱۴۰۴/۰۷/۲۱

حمیدرضا حجتی - رئیس اداره ثبت اسناد و املاک شهرستان نهاوند
آگهی موضوع ماده ۳ قانون و ماده ۱۳ آیین نامه قانون تعیین تکلیف وضعیت ثبتی اراضی و ساختمانهای فاقد سند رسمی

برابر آرای صادره هیات اول موضوع قانون تعیین تکلیف وضعیت ثبتی اراضی و ساختمانهای فاقد سند رسمی مستقر در واحد ثبتی حوزه ثبت ملک تصرفات مالکانه بلامعارض متقاضی محرز گردیده است. لذا به منظور اطلاع عموم مراتب در دو نوبت به فاصله ۱۵ روز آگهی می شود در صورتی که اشخاص نسبت به صدور سند مالکیت متقاضی اعتراضی داشته باشند می توانند از تاریخ انتشار اولین آگهی به مدت دو ماه اعتراض خود را به این اداره تسلیم و پس از اخذ رسید ظرف مدت یک ماه از تاریخ تسلیم اعتراض دادخواست خود را به مرجع قضایی تقدیم نمایند. بدیهی است در صورت انقضای مدت مذکور و عدم وصول اعتراض طبق مقررات سند مالکیت صادر خواهد شد.

تاریخ انتشار نوبت اول: ۱۴۰۴/۰۷/۰۶ تاریخ انتشار نوبت دوم: ۱۴۰۴/۰۷/۲۱

جلیل علیزاده کارسالاری - رئیس ثبت اسناد و املاک
آگهی موضوع ماده ۳ قانون و ماده ۱۳ آیین نامه قانون تعیین تکلیف وضعیت ثبتی اراضی و ساختمانهای فاقد سند رسمی

برابر آرای صادره هیات اول موضوع قانون تعیین تکلیف وضعیت ثبتی اراضی و ساختمانهای فاقد سند رسمی مستقر در واحد ثبتی حوزه ثبت ملک تصرفات مالکانه بلامعارض متقاضی محرز گردیده است. لذا به منظور اطلاع عموم مراتب در دو نوبت به فاصله ۱۵ روز آگهی می شود در صورتی که اشخاص نسبت به صدور سند مالکیت متقاضی اعتراضی داشته باشند می توانند از تاریخ انتشار اولین آگهی به مدت دو ماه اعتراض خود را به این اداره تسلیم و پس از اخذ رسید ظرف مدت یک ماه از تاریخ تسلیم اعتراض دادخواست خود را به مرجع قضایی تقدیم نمایند. بدیهی است در صورت انقضای مدت مذکور و عدم وصول اعتراض طبق مقررات سند مالکیت صادر خواهد شد.

تاریخ انتشار نوبت اول: ۱۴۰۴/۰۷/۰۶ تاریخ انتشار نوبت دوم: ۱۴۰۴/۰۷/۲۱

بهمن ساراتی - رئیس ثبت اسناد و املاک کلاله
آگهی موضوع ماده ۳ قانون و ماده ۱۳ آیین نامه قانون تعیین تکلیف وضعیت ثبتی اراضی و ساختمانهای فاقد سند رسمی

برابر آرای صادره هیات اول موضوع قانون تعیین تکلیف وضعیت ثبتی اراضی و ساختمانهای فاقد سند رسمی مستقر در واحد ثبتی حوزه ثبت ملک تصرفات مالکانه بلامعارض متقاضی محرز گردیده است. لذا به منظور اطلاع عموم مراتب در دو نوبت به فاصله ۱۵ روز آگهی می شود در صورتی که اشخاص نسبت به صدور سند مالکیت متقاضی اعتراضی داشته باشند می توانند از تاریخ انتشار اولین آگهی به مدت دو ماه اعتراض خود را به این اداره تسلیم و پس از اخذ رسید ظرف مدت یک ماه از تاریخ تسلیم اعتراض دادخواست خود را به مرجع قضایی تقدیم نمایند. بدیهی است در صورت انقضای مدت مذکور و عدم وصول اعتراض طبق مقررات سند مالکیت صادر خواهد شد.

تاریخ انتشار نوبت اول: ۱۴۰۴/۰۷/۰۶ تاریخ انتشار نوبت دوم: ۱۴۰۴/۰۷/۲۱

سعید بهرامی - رئیس اداره ثبت اسناد و املاک
آگهی موضوع ماده ۳ قانون و ماده ۱۳ آیین نامه قانون تعیین تکلیف وضعیت ثبتی اراضی و ساختمانهای فاقد سند رسمی

برابر آرای صادره هیات اول موضوع قانون تعیین تکلیف وضعیت ثبتی اراضی و ساختمانهای فاقد سند رسمی مستقر در واحد ثبتی حوزه ثبت ملک تصرفات مالکانه بلامعارض متقاضی محرز گردیده است. لذا به منظور اطلاع عموم مراتب در دو نوبت به فاصله ۱۵ روز آگهی می شود در صورتی که اشخاص نسبت به صدور سند مالکیت متقاضی اعتراضی داشته باشند می توانند از تاریخ انتشار اولین آگهی به مدت دو ماه اعتراض خود را به این اداره تسلیم و پس از اخذ رسید ظرف مدت یک ماه از تاریخ تسلیم اعتراض دادخواست خود را به مرجع قضایی تقدیم نمایند. بدیهی است در صورت انقضای مدت مذکور و عدم وصول اعتراض طبق مقررات سند مالکیت صادر خواهد شد.

تاریخ انتشار نوبت اول: ۱۴۰۴/۰۷/۰۶ تاریخ انتشار نوبت دوم: ۱۴۰۴/۰۷/۲۱

حمیدرضا حجتی - رئیس اداره ثبت اسناد و املاک شهرستان نهاوند
آگهی موضوع ماده ۳ قانون و ماده ۱۳ آیین نامه قانون تعیین تکلیف وضعیت ثبتی اراضی و ساختمانهای فاقد سند رسمی

برابر آرای صادره هیات اول موضوع قانون تعیین تکلیف وضعیت ثبتی اراضی و ساختمانهای فاقد سند رسمی مستقر در واحد ثبتی حوزه ثبت ملک تصرفات مالکانه بلامعارض متقاضی محرز گردیده است. لذا به منظور اطلاع عموم مراتب در دو نوبت به فاصله ۱۵ روز آگهی می شود در صورتی که اشخاص نسبت به صدور سند مالکیت متقاضی اعتراضی داشته باشند می توانند از تاریخ انتشار اولین آگهی به مدت دو ماه اعتراض خود را به این اداره تسلیم و پس از اخذ رسید ظرف مدت یک ماه از تاریخ تسلیم اعتراض دادخواست خود را به مرجع قضایی تقدیم نمایند. بدیهی است در صورت انقضای مدت مذکور و عدم وصول اعتراض طبق مقررات سند مالکیت صادر خواهد شد.

تاریخ انتشار نوبت اول: ۱۴۰۴/۰۷/۰۶ تاریخ انتشار نوبت دوم: ۱۴۰۴/۰۷/۲۱

جلیل علیزاده کارسالاری - رئیس ثبت اسناد و املاک
آگهی موضوع ماده ۳ قانون و ماده ۱۳ آیین نامه قانون تعیین تکلیف وضعیت ثبتی اراضی و ساختمانهای فاقد سند رسمی

برابر آرای صادره هیات اول موضوع قانون تعیین تکلیف وضعیت ثبتی اراضی و ساختمانهای فاقد سند رسمی مستقر در واحد ثبتی حوزه ثبت ملک تصرفات مالکانه بلامعارض متقاضی محرز گردیده است. لذا به منظور اطلاع عموم مراتب در دو نوبت به فاصله ۱۵ روز آگهی می شود در صورتی که اشخاص نسبت به صدور سند مالکیت متقاضی اعتراضی داشته باشند می توانند از تاریخ انتشار اولین آگهی به مدت دو ماه اعتراض خود را به این اداره تسلیم و پس از اخذ رسید ظرف مدت یک ماه از تاریخ تسلیم اعتراض دادخواست خود را به مرجع قضایی تقدیم نمایند. بدیهی است در صورت انقضای مدت مذکور و عدم وصول اعتراض طبق مقررات سند مالکیت صادر خواهد شد.

تاریخ انتشار نوبت اول: ۱۴۰۴/۰۷/۰۶ تاریخ انتشار نوبت دوم: ۱۴۰۴/۰۷/۲۱

بهمن ساراتی - رئیس ثبت اسناد و املاک کلاله
آگهی موضوع ماده ۳ قانون و ماده ۱۳ آیین نامه قانون تعیین تکلیف وضعیت ثبتی اراضی و ساختمانهای فاقد سند رسمی

برابر آرای صادره هیات اول موضوع قانون تعیین تکلیف وضعیت ثبتی اراضی و ساختمانهای فاقد سند رسمی مستقر در واحد ثبتی حوزه ثبت ملک تصرفات مالکانه بلامعارض متقاضی محرز گردیده است. لذا به منظور اطلاع عموم مراتب در دو نوبت به فاصله ۱۵ روز آگهی می شود در صورتی که اشخاص نسبت به صدور سند مالکیت متقاضی اعتراضی داشته باشند می توانند از تاریخ انتشار اولین آگهی به مدت دو ماه اعتراض خود را به این اداره تسلیم و پس از اخذ رسید ظرف مدت یک ماه از تاریخ تسلیم اعتراض دادخواست خود را به مرجع قضایی تقدیم نمایند. بدیهی است در صورت انقضای مدت مذکور و عدم وصول اعتراض طبق مقررات سند مالکیت صادر خواهد شد.

تاریخ انتشار نوبت اول: ۱۴۰۴/۰۷/۰۶ تاریخ انتشار نوبت دوم: ۱۴۰۴/۰۷/۲۱

سعید بهرامی - رئیس اداره ثبت اسناد و املاک
آگهی موضوع ماده ۳ قانون و ماده ۱۳ آیین نامه قانون تعیین تکلیف وضعیت ثبتی اراضی و ساختمانهای فاقد سند رسمی

برابر آرای صادره هیات اول موضوع قانون تعیین تکلیف وضعیت ثبتی اراضی و ساختمانهای فاقد سند رسمی مستقر در واحد ثبتی حوزه ثبت ملک تصرفات مالکانه بلامعارض متقاضی محرز گردیده است. لذا به منظور اطلاع عموم مراتب در دو نوبت به فاصله ۱۵ روز آگهی می شود در صورتی که اشخاص نسبت به صدور سند مالکیت متقاضی اعتراضی داشته باشند می توانند از تاریخ انتشار اولین آگهی به مدت دو ماه اعتراض خود را به این اداره تسلیم و پس از اخذ رسید ظرف مدت یک ماه از تاریخ تسلیم اعتراض دادخواست خود را به مرجع قضایی تقدیم نمایند. بدیهی است در صورت انقضای مدت مذکور و عدم وصول اعتراض طبق مقررات سند مالکیت صادر خواهد شد.

تاریخ انتشار نوبت اول: ۱۴۰۴/۰۷/۰۶ تاریخ انتشار نوبت دوم: ۱۴۰۴/۰۷/۲۱

حمیدرضا حجتی - رئیس اداره ثبت اسناد و املاک شهرستان نهاوند
آگهی موضوع ماده ۳ قانون و ماده ۱۳ آیین نامه قانون تعیین تکلیف وضعیت ثبتی اراضی و ساختمانهای فاقد سند رسمی

برابر آرای صادره هیات اول موضوع قانون تعیین تکلیف وضعیت ثبتی اراضی و ساختمانهای فاقد سند رسمی مستقر در واحد ثبتی حوزه ثبت ملک تصرفات مالکانه بلامعارض متقاضی محرز گردیده است. لذا به منظور اطلاع عموم مراتب در دو نوبت به فاصله ۱۵ روز آگهی می شود در صورتی که اشخاص نسبت به صدور سند مالکیت متقاضی اعتراضی داشته باشند می توانند از تاریخ انتشار اولین آگهی به مدت دو ماه اعتراض خود را به این اداره تسلیم و پس از اخذ رسید ظرف مدت یک ماه از تاریخ تسلیم اعتراض دادخواست خود را به مرجع قضایی تقدیم نمایند. بدیهی است در صورت انقضای مدت مذکور و عدم وصول اعتراض طبق مقررات سند مالکیت صادر خواهد شد.

تاریخ انتشار نوبت اول: ۱۴۰۴/۰۷/۰۶ تاریخ انتشار نوبت دوم: ۱۴۰۴/۰۷/۲۱

جلیل علیزاده کارسالاری - رئیس ثبت اسناد و املاک
آگهی موضوع ماده ۳ قانون و ماده ۱۳ آیین نامه قانون تعیین تکلیف وضعیت ثبتی اراضی و ساختمانهای فاقد سند رسمی

برابر آرای صادره هیات اول موضوع قانون تعیین تکلیف وضعیت ثبتی اراضی و ساختمانهای فاقد سند رسمی مستقر در واحد ثبتی حوزه ثبت ملک تصرفات مالکانه بلامعارض متقاضی محرز گردیده است. لذا به منظور اطلاع عموم مراتب در دو نوبت به فاصله ۱۵ روز آگهی می شود در صورتی که اشخاص نسبت به صدور سند مالکیت متقاضی اعتراضی داشته باشند می توانند از تاریخ انتشار اولین آگهی به مدت دو ماه اعتراض خود را به این اداره تسلیم و پس از اخذ رسید ظرف مدت یک ماه از تاریخ تسلیم اعتراض دادخواست خود را به مرجع قضایی تقدیم نمایند. بدیهی است در صورت انقضای مدت مذکور و عدم وصول اعتراض طبق مقررات سند مالکیت صادر خواهد شد.

تاریخ انتشار نوبت اول: ۱۴۰۴/۰۷/۰۶ تاریخ انتشار نوبت دوم: ۱۴۰۴/۰۷/۲۱

بهمن ساراتی - رئیس ثبت اسناد و املاک کلاله
آگهی موضوع ماده ۳ قانون و ماده ۱۳ آیین نامه قانون تعیین تکلیف وضعیت ثبتی اراضی و ساختمانهای فاقد سند رسمی

برابر آرای صادره هیات اول موضوع قانون تعیین تکلیف وضعیت ثبتی اراضی و ساختمانهای فاقد سند رسمی مستقر در واحد ثبتی حوزه ثبت ملک تصرفات مالکانه بلامعارض متقاضی محرز گردیده است. لذا به منظور اطلاع عموم مراتب در دو نوبت به فاصله ۱۵ روز آگهی می شود در صورتی که اشخاص نسبت به صدور سند مالکیت متقاضی اعتراضی داشته باشند می توانند از تاریخ انتشار اولین آگهی به مدت دو ماه اعتراض خود را به این اداره تسلیم و پس از اخذ رسید ظرف مدت یک ماه از تاریخ تسلیم اعتراض دادخواست خود را به مرجع قضایی تقدیم نمایند. بدیهی است در صورت انقضای مدت مذکور و عدم وصول اعتراض طبق مقررات سند مالکیت صادر خواهد شد.

تاریخ انتشار نوبت اول: ۱۴۰۴/۰۷/۰۶ تاریخ انتشار نوبت دوم: ۱۴۰۴/۰۷/۲۱

سعید بهرامی - رئیس اداره ثبت اسناد و املاک
آگهی موضوع ماده ۳ قانون و ماده ۱۳ آیین نامه قانون تعیین تکلیف وضعیت ثبتی اراضی و ساختمانهای فاقد سند رسمی

برابر آرای صادره هیات اول موضوع قانون تعیین تکلیف وضعیت ثبتی اراضی و ساختمانهای فاقد سند رسمی مستقر در واحد ثبتی حوزه ثبت ملک تصرفات مالکانه بلامعارض متقاضی محرز گردیده است. لذا به منظور اطلاع عموم مراتب در دو نوبت به فاصله ۱۵ روز آگهی می شود در صورتی که اشخاص نسبت به صدور سند مالکیت متقاضی اعتراضی داشته باشند می توانند از تاریخ انتشار اولین آگهی به مدت دو ماه اعتراض خود را به این اداره تسلیم و پس از اخذ رسید ظرف مدت یک ماه از تاریخ تسلیم اعتراض دادخواست خود را به مرجع قضایی تقدیم نمایند. بدیهی است در صورت انقضای مدت مذکور و عدم وصول اعتراض طبق مقررات سند مالکیت صادر خواهد شد.

تاریخ انتشار نوبت اول: ۱۴۰۴/۰۷/۰۶ تاریخ انتشار نوبت دوم: ۱۴۰۴/۰۷/۲۱

حمیدرضا حجتی - رئیس اداره ثبت اسناد و املاک شهرستان نهاوند
آگهی موضوع ماده ۳ قانون و ماده ۱۳ آیین نامه قانون تعیین تکلیف وضعیت ثبتی اراضی و ساختمانهای فاقد سند رسمی

برابر آرای صادره هیات اول موضوع قانون تعیین تکلیف وضعیت ثبتی اراضی و ساختمانهای فاقد سند رسمی مستقر در واحد ثبتی حوزه ثبت ملک تصرفات مالکانه بلامعارض متقاضی محرز گردیده است. لذا به منظور اطلاع عموم مراتب در دو نوبت به فاصله ۱۵ روز آگهی می شود در صورتی که اشخاص نسبت به صدور سند مالکیت متقاضی اعتراضی داشته باشند می توانند از تاریخ انتشار اولین آگهی به مدت دو ماه اعتراض خود را به این اداره تسلیم و پس از اخذ رسید ظرف مدت یک ماه از تاریخ تسلیم اعتراض دادخواست خود را به مرجع قضایی تقدیم نمایند. بدیهی است در صورت انقضای مدت مذکور و عدم وصول اعتراض طبق مقررات سند مالکیت صادر خواهد شد.

تاریخ انتشار نوبت اول: ۱۴۰۴/۰۷/۰۶ تاریخ انتشار نوبت دوم: ۱۴۰۴/۰۷/۲۱

جلیل علیزاده کارسالاری - رئیس ثبت اسناد و املاک
آگهی موضوع ماده ۳ قانون و ماده ۱۳ آیین نامه قانون تعیین تکلیف وضعیت ثبتی اراضی و ساختمانهای فاقد سند رسمی

برابر آرای صادره هیات اول موضوع قانون تعیین تکلیف وضعیت ثبتی اراضی و ساختمانهای فاقد سند رسمی مستقر در واحد ثبتی حوزه ثبت ملک تصرفات مالکانه بلامعارض متقاضی محرز گردیده است. لذا به منظور اطلاع عموم مراتب در دو نوبت به فاصله ۱۵ روز آگهی می شود در صورتی که اشخاص نسبت به صدور سند مالکیت متقاضی اعتراضی داشته باشند می توانند از تاریخ انتشار اولین آگهی به مدت دو ماه اعتراض خود را به این اداره تسلیم و پس از اخذ رسید ظرف مدت یک ماه از تاریخ تسلیم اعتراض دادخواست خود را به مرجع قضایی تقدیم نمایند. بدیهی است در صورت انقضای مدت مذکور و عدم وصول اعتراض طبق مقررات سند مالکیت صادر خواهد شد.

تاریخ انتشار نوبت اول: ۱۴۰۴/۰۷/۰۶ تاریخ انتشار نوبت دوم: ۱۴۰۴/۰۷/۲۱

بهمن ساراتی - رئیس ثبت اسناد و املاک کلاله
